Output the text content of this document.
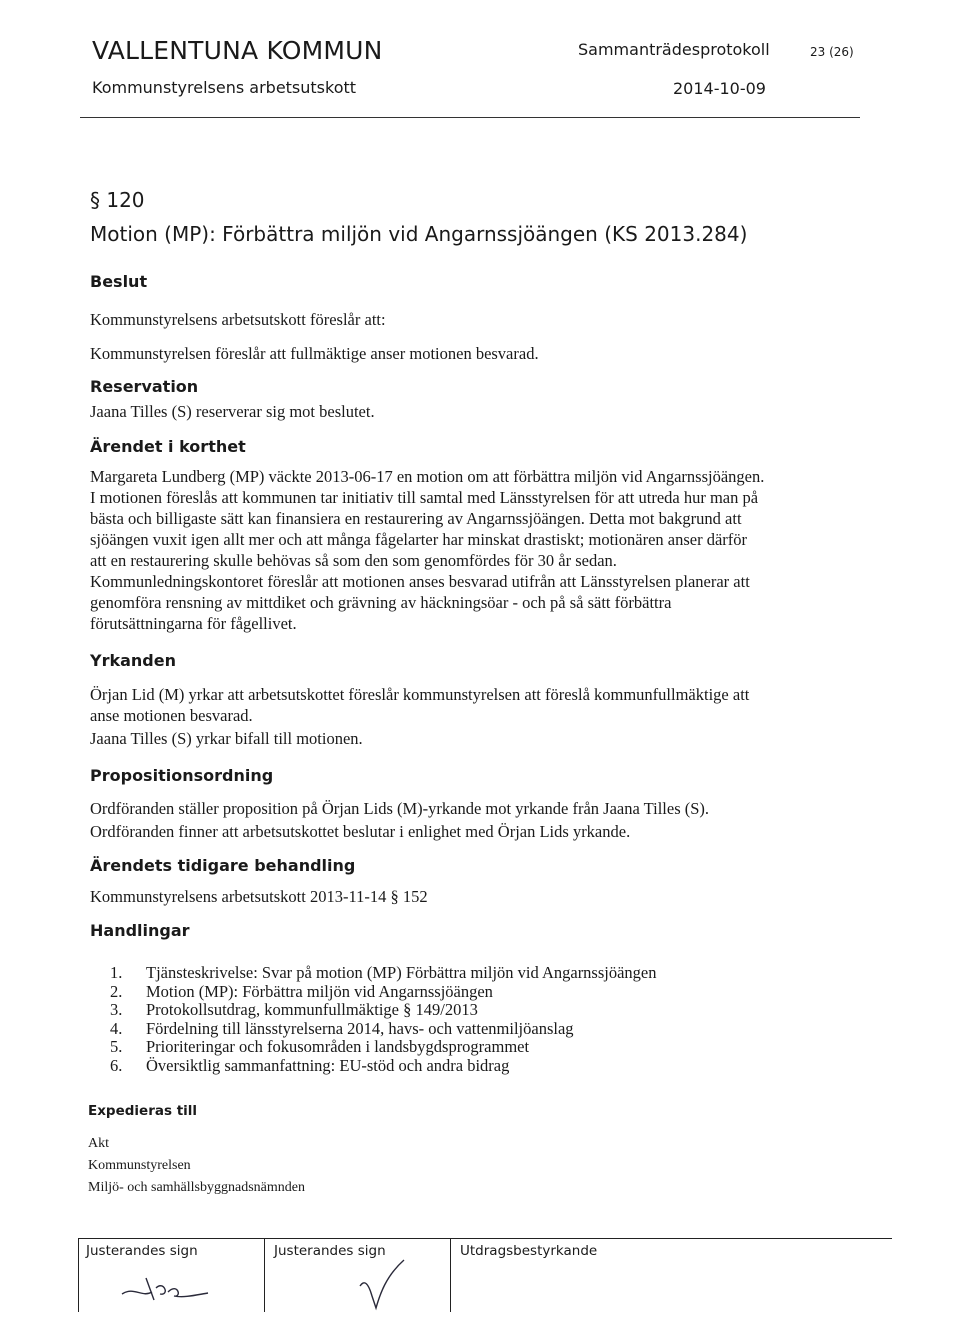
VALLENTUNA KOMMUN
Kommunstyrelsens arbetsutskott
Sammanträdesprotokoll	23 (26)
2014-10-09
§ 120
Motion (MP): Förbättra miljön vid Angarnssjöängen (KS 2013.284)
Beslut
Kommunstyrelsens arbetsutskott föreslår att:
Kommunstyrelsen föreslår att fullmäktige anser motionen besvarad.
Reservation
Jaana Tilles (S) reserverar sig mot beslutet.
Ärendet i korthet
Margareta Lundberg (MP) väckte 2013-06-17 en motion om att förbättra miljön vid Angarnssjöängen.
I motionen föreslås att kommunen tar initiativ till samtal med Länsstyrelsen för att utreda hur man på
bästa och billigaste sätt kan finansiera en restaurering av Angarnssjöängen. Detta mot bakgrund att
sjöängen vuxit igen allt mer och att många fågelarter har minskat drastiskt; motionären anser därför
att en restaurering skulle behövas så som den som genomfördes för 30 år sedan.
Kommunledningskontoret föreslår att motionen anses besvarad utifrån att Länsstyrelsen planerar att
genomföra rensning av mittdiket och grävning av häckningsöar - och på så sätt förbättra
förutsättningarna för fågellivet.
Yrkanden
Örjan Lid (M) yrkar att arbetsutskottet föreslår kommunstyrelsen att föreslå kommunfullmäktige att
anse motionen besvarad.
Jaana Tilles (S) yrkar bifall till motionen.
Propositionsordning
Ordföranden ställer proposition på Örjan Lids (M)-yrkande mot yrkande från Jaana Tilles (S).
Ordföranden finner att arbetsutskottet beslutar i enlighet med Örjan Lids yrkande.
Ärendets tidigare behandling
Kommunstyrelsens arbetsutskott 2013-11-14 § 152
Handlingar
1.	Tjänsteskrivelse: Svar på motion (MP) Förbättra miljön vid Angarnssjöängen
2.	Motion (MP): Förbättra miljön vid Angarnssjöängen
3.	Protokollsutdrag, kommunfullmäktige § 149/2013
4.	Fördelning till länsstyrelserna 2014, havs- och vattenmiljöanslag
5.	Prioriteringar och fokusområden i landsbygdsprogrammet
6.	Översiktlig sammanfattning: EU-stöd och andra bidrag
Expedieras till
Akt
Kommunstyrelsen
Miljö- och samhällsbyggnadsnämnden
Justerandes sign	Justerandes sign	Utdragsbestyrkande
